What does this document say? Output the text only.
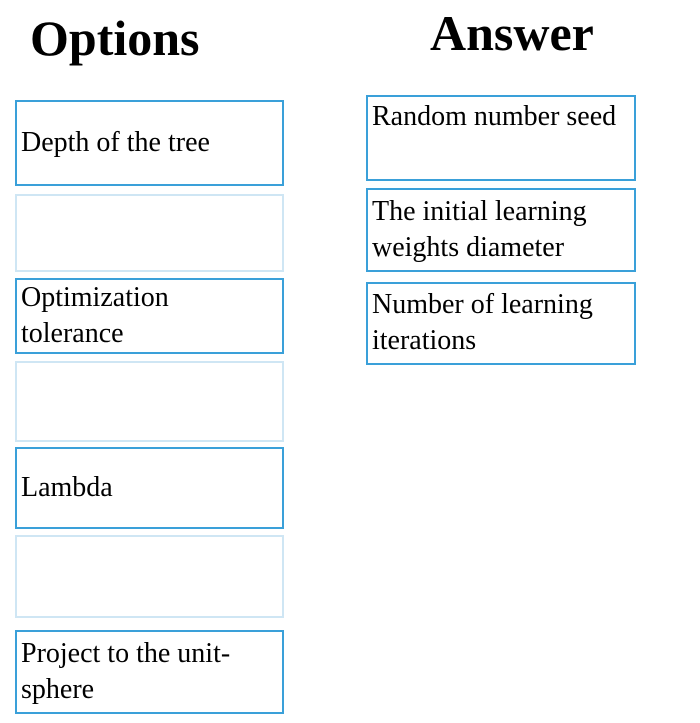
Options	Answer
Depth of the tree
Optimization tolerance
Lambda
Project to the unit-sphere
Random number seed
The initial learning weights diameter
Number of learning iterations
